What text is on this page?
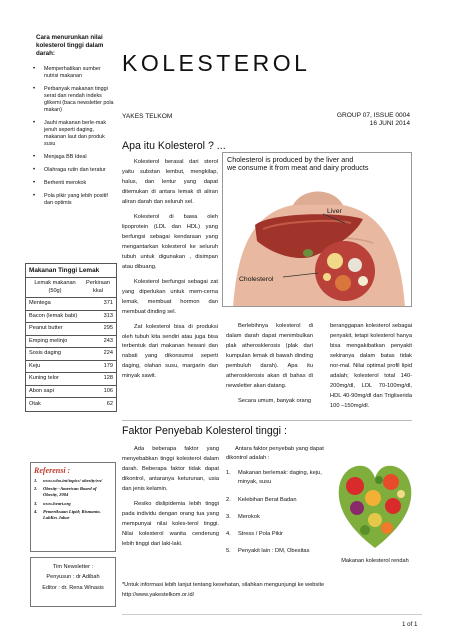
Cara menurunkan nilai kolesterol tinggi dalam darah:
• Memperhatikan sumber nutrisi makanan
• Perbanyak makanan tinggi serat dan rendah indeks glikemi (baca newsletter pola makan)
• Jauhi makanan berle-mak jenuh seperti daging, makanan laut dan produk susu
• Menjaga BB Ideal
• Olahraga rutin dan teratur
• Berhenti merokok
• Pola pikir yang lebih positif dan optimis
Makanan Tinggi Lemak
Lemak makanan (50g)
Perkiraan kkal
Mentega	371
Bacon (lemak babi)	313
Peanut butter	295
Emping melinjo	243
Sosis daging	224
Keju	179
Kuning telor	128
Abon sapi	106
Otak	62
Referensi :
1.	www.who.int/topics/ obesity/en/
2.	Obesity--American Board of Obesity, 2004
3.	www.heart.org
4.	Pemeriksaan Lipid; Rismanto. LabKes Jabar
Tim Newsletter :
Penyusun : dr Adibah
Editor : dr. Rena Winasis
KOLESTEROL
YAKES TELKOM	GROUP 07, ISSUE 0004
16 JUNI 2014
Apa itu Kolesterol ? ...

Kolesterol berasal dari sterol yaitu substan lembut, mengkilap, halus, dan lentur yang dapat ditemukan di antara lemak di aliran aliran darah dan seluruh sel.

Kolesterol di bawa oleh lipoprotein (LDL dan HDL) yang berfungsi sebagai kendaraan yang mengantarkan kolesterol ke seluruh tubuh untuk digunakan , disimpan atau dibuang.

Kolesterol berfungsi sebagai zat yang diperlukan untuk mem-cerna lemak, membuat hormon dan membuat dinding sel.

Zat kolesterol bisa di produksi oleh tubuh kita sendiri atau juga bisa terbentuk dari makanan hewani dan nabati yang dikonsumsi seperti daging, olahan susu, margarin dan minyak sawit.

Cholesterol is produced by the liver and
we consume it from meat and dairy products
Liver
Cholesterol

Berlebihnya kolesterol di dalam darah dapat menimbulkan plak atherosklerosis (plak dari kumpulan lemak di bawah dinding pembuluh darah). Apa itu atherosklerosis akan di bahas di newsletter akan datang.

Secara umum, banyak orang

beranggapan kolesterol sebagai penyakit, tetapi kolesterol hanya bisa mengakibatkan penyakit sekiranya dalam batas tidak nor-mal. Nilai optimal profil lipid adalah; kolesterol total 140-200mg/dl, LDL 70-100mg/dl, HDL 40-90mg/dl dan Trigliserida 100 –150mg/dl.

Faktor Penyebab Kolesterol tinggi :

Ada beberapa faktor yang menyebabkan tinggi kolesterol dalam darah. Beberapa faktor tidak dapat dikontrol, antaranya keturunan, usia dan jenis kelamin.

Resiko dislipidemia lebih tinggi pada individu dengan orang tua yang mempunyai nilai koles-terol tinggi. Nilai kolesterol wanita cenderung lebih tinggi dari laki-laki.

Antara faktor penyebab yang dapat dikontrol adalah :
1.	Makanan berlemak: daging, keju, minyak, susu
2.	Kelebihan Berat Badan
3.	Merokok
4.	Stress / Pola Pikir
5.	Penyakit lain : DM, Obesitas
Makanan kolesterol rendah
*Untuk informasi lebih lanjut tentang kesehatan, silahkan mengunjungi ke website
http://www.yakestelkom.or.id/
1 of 1
